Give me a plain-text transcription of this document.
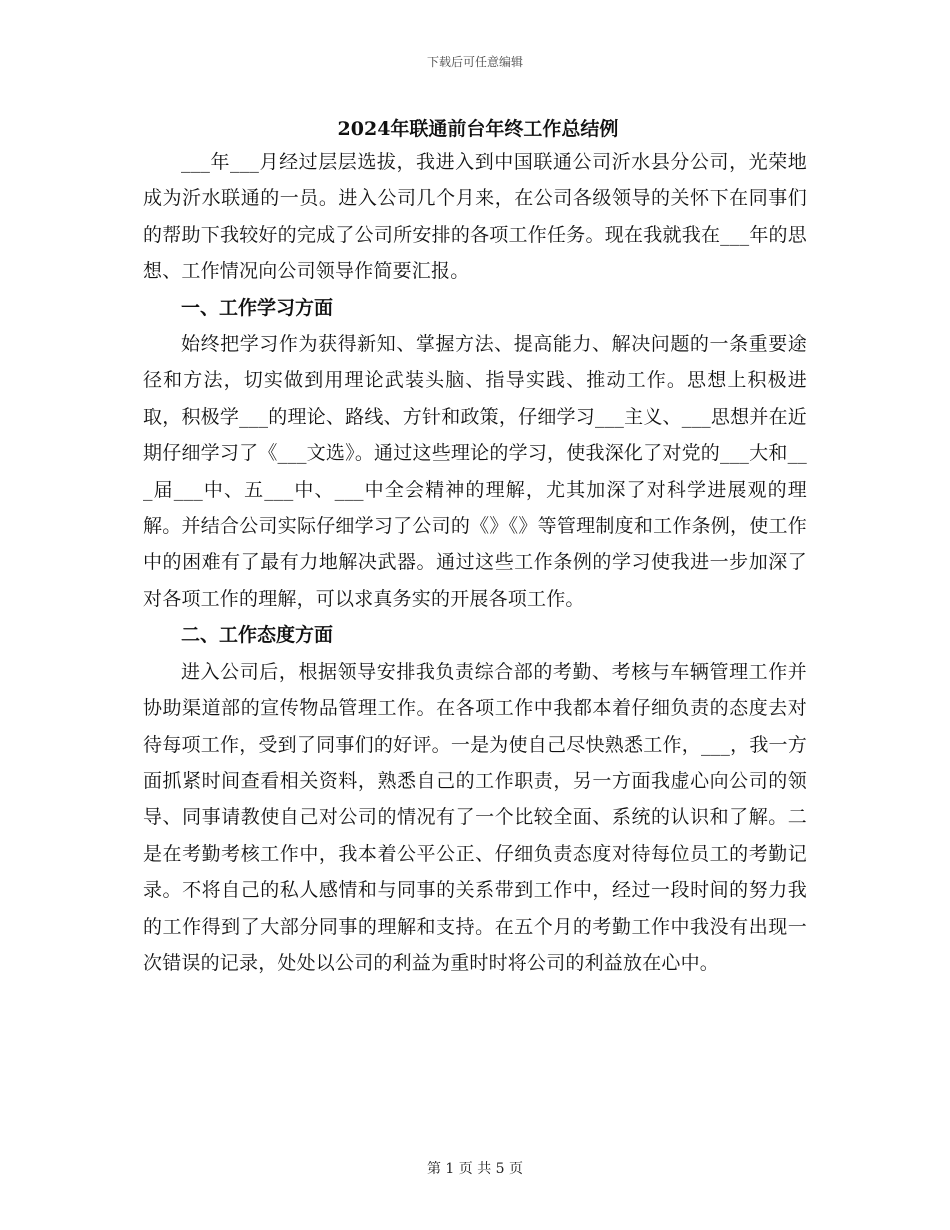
下载后可任意编辑
2024年联通前台年终工作总结例

___年___月经过层层选拔，我进入到中国联通公司沂水县分公司，光荣地成为沂水联通的一员。进入公司几个月来，在公司各级领导的关怀下在同事们的帮助下我较好的完成了公司所安排的各项工作任务。现在我就我在___年的思想、工作情况向公司领导作简要汇报。

一、工作学习方面

始终把学习作为获得新知、掌握方法、提高能力、解决问题的一条重要途径和方法，切实做到用理论武装头脑、指导实践、推动工作。思想上积极进取，积极学___的理论、路线、方针和政策，仔细学习___主义、___思想并在近期仔细学习了《___文选》。通过这些理论的学习，使我深化了对党的___大和___届___中、五___中、___中全会精神的理解，尤其加深了对科学进展观的理解。并结合公司实际仔细学习了公司的《》《》等管理制度和工作条例，使工作中的困难有了最有力地解决武器。通过这些工作条例的学习使我进一步加深了对各项工作的理解，可以求真务实的开展各项工作。

二、工作态度方面

进入公司后，根据领导安排我负责综合部的考勤、考核与车辆管理工作并协助渠道部的宣传物品管理工作。在各项工作中我都本着仔细负责的态度去对待每项工作，受到了同事们的好评。一是为使自己尽快熟悉工作，___，我一方面抓紧时间查看相关资料，熟悉自己的工作职责，另一方面我虚心向公司的领导、同事请教使自己对公司的情况有了一个比较全面、系统的认识和了解。二是在考勤考核工作中，我本着公平公正、仔细负责态度对待每位员工的考勤记录。不将自己的私人感情和与同事的关系带到工作中，经过一段时间的努力我的工作得到了大部分同事的理解和支持。在五个月的考勤工作中我没有出现一次错误的记录，处处以公司的利益为重时时将公司的利益放在心中。

第 1 页 共 5 页
